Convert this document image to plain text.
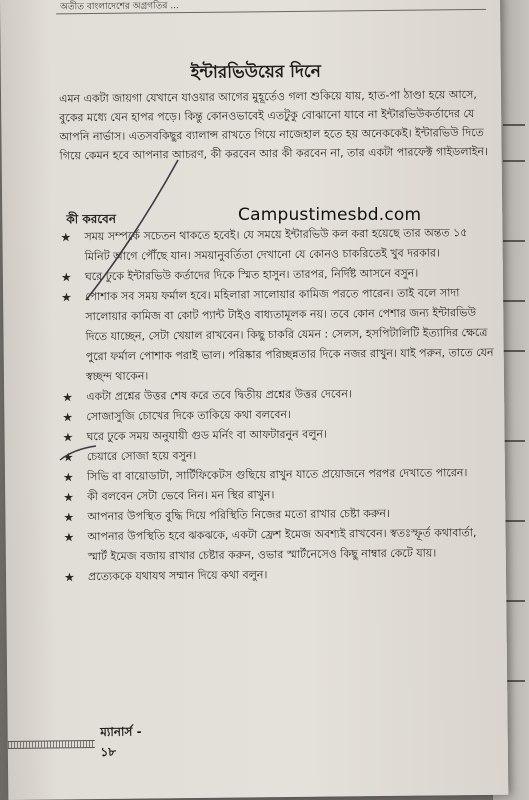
অতীত বাংলাদেশের অগ্রগতির ...
ইন্টারভিউয়ের দিনে
এমন একটা জায়গা যেখানে যাওয়ার আগের মুহূর্তেও গলা শুকিয়ে যায়, হাত-পা ঠাণ্ডা হয়ে আসে, বুকের মধ্যে যেন হাপর পড়ে। কিন্তু কোনওভাবেই এতটুকু বোঝানো যাবে না ইন্টারভিউকর্তাদের যে আপনি নার্ভাস। এতসবকিছুর ব্যালান্স রাখতে গিয়ে নাজেহাল হতে হয় অনেককেই। ইন্টারভিউ দিতে গিয়ে কেমন হবে আপনার আচরণ, কী করবেন আর কী করবেন না, তার একটা পারফেক্ট গাইডলাইন।
কী করবেন
★	সময় সম্পর্কে সচেতন থাকতে হবেই। যে সময়ে ইন্টারভিউ কল করা হয়েছে তার অন্তত ১৫ মিনিট আগে পৌঁছে যান। সময়ানুবর্তিতা দেখানো যে কোনও চাকরিতেই খুব দরকার।
★	ঘরে ঢুকে ইন্টারভিউ কর্তাদের দিকে স্মিত হাসুন। তারপর, নির্দিষ্ট আসনে বসুন।
★	পোশাক সব সময় ফর্মাল হবে। মহিলারা সালোয়ার কামিজ পরতে পারেন। তাই বলে সাদা সালোয়ার কামিজ বা কোট প্যান্ট টাইও বাধ্যতামূলক নয়। তবে কোন পেশার জন্য ইন্টারভিউ দিতে যাচ্ছেন, সেটা খেয়াল রাখবেন। কিছু চাকরি যেমন : সেলস, হসপিটালিটি ইত্যাদির ক্ষেত্রে পুরো ফর্মাল পোশাক পরাই ভাল। পরিষ্কার পরিচ্ছন্নতার দিকে নজর রাখুন। যাই পরুন, তাতে যেন স্বচ্ছন্দ থাকেন।
★	একটা প্রশ্নের উত্তর শেষ করে তবে দ্বিতীয় প্রশ্নের উত্তর দেবেন।
★	সোজাসুজি চোখের দিকে তাকিয়ে কথা বলবেন।
★	ঘরে ঢুকে সময় অনুযায়ী গুড মর্নিং বা আফটারনুন বলুন।
★	চেয়ারে সোজা হয়ে বসুন।
★	সিভি বা বায়োডাটা, সার্টিফিকেটস গুছিয়ে রাখুন যাতে প্রয়োজনে পরপর দেখাতে পারেন।
★	কী বলবেন সেটা ভেবে নিন। মন স্থির রাখুন।
★	আপনার উপস্থিত বুদ্ধি দিয়ে পরিস্থিতি নিজের মতো রাখার চেষ্টা করুন।
★	আপনার উপস্থিতি হবে ঝকঝকে, একটা ফ্রেশ ইমেজ অবশ্যই রাখবেন। স্বতঃস্ফূর্ত কথাবার্তা, স্মার্ট ইমেজ বজায় রাখার চেষ্টার করুন, ওভার স্মার্টনেসেও কিছু নাম্বার কেটে যায়।
★	প্রত্যেককে যথাযথ সম্মান দিয়ে কথা বলুন।
ম্যানার্স - ১৮
Campustimesbd.com
